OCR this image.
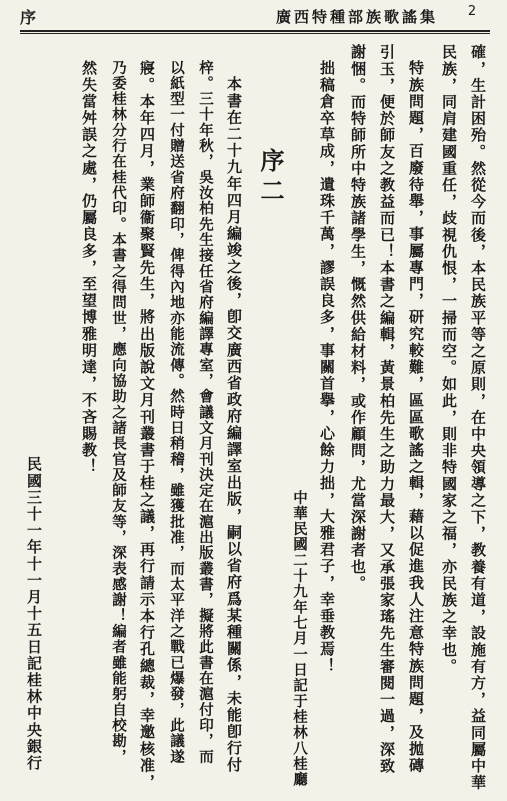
序	廣西特種部族歌謠集	2
確，生計困殆。然從今而後，本民族平等之原則，在中央領導之下，教養有道，設施有方，益同屬中華
民族，同肩建國重任，歧視仇恨，一掃而空。如此，則非特國家之福，亦民族之幸也。
特族問題，百廢待舉，事屬專門，研究較難，區區歌謠之輯，藉以促進我人注意特族問題，及拋磚
引玉，便於師友之教益而已！本書之編輯，黃景柏先生之助力最大，又承張家瑤先生審閱一過，深致
謝悃。而特師所中特族諸學生，慨然供給材料，或作顧問，尤當深謝者也。
拙稿倉卒草成，遺珠千萬，謬誤良多，事關首擧，心餘力拙，大雅君子，幸垂教焉！
中華民國二十九年七月一日記于桂林八桂廳
序二
本書在二十九年四月編竣之後，卽交廣西省政府編譯室出版，嗣以省府爲某種關係，未能卽行付
梓。三十年秋，吳汝柏先生接任省府編譯專室，會議文月刊決定在滬出版叢書，擬將此書在滬付印，而
以紙型一付贈送省府翻印，俾得內地亦能流傳。然時日稍稽，雖獲批准，而太平洋之戰已爆發，此議遂
寢。本年四月，業師衞聚賢先生，將出版說文月刊叢書于桂之議，再行請示本行孔總裁，幸邀核准，
乃委桂林分行在桂代印。本書之得問世，應向協助之諸長官及師友等，深表感謝！編者雖能躬自校勘，
然失當舛誤之處，仍屬良多，至望博雅明達，不吝賜教！
民國三十一年十一月十五日記桂林中央銀行
